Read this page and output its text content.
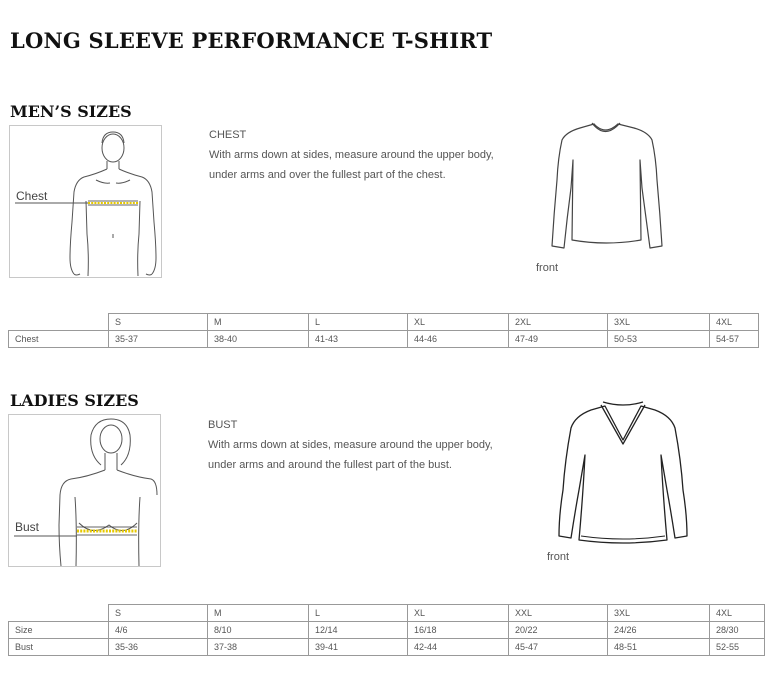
LONG SLEEVE PERFORMANCE T-SHIRT
MEN’S SIZES
Chest
CHEST
With arms down at sides, measure around the upper body,
under arms and over the fullest part of the chest.
front
	S	M	L	XL	2XL	3XL	4XL
Chest	35-37	38-40	41-43	44-46	47-49	50-53	54-57
LADIES SIZES
Bust
BUST
With arms down at sides, measure around the upper body,
under arms and around the fullest part of the bust.
front
	S	M	L	XL	XXL	3XL	4XL
Size	4/6	8/10	12/14	16/18	20/22	24/26	28/30
Bust	35-36	37-38	39-41	42-44	45-47	48-51	52-55
